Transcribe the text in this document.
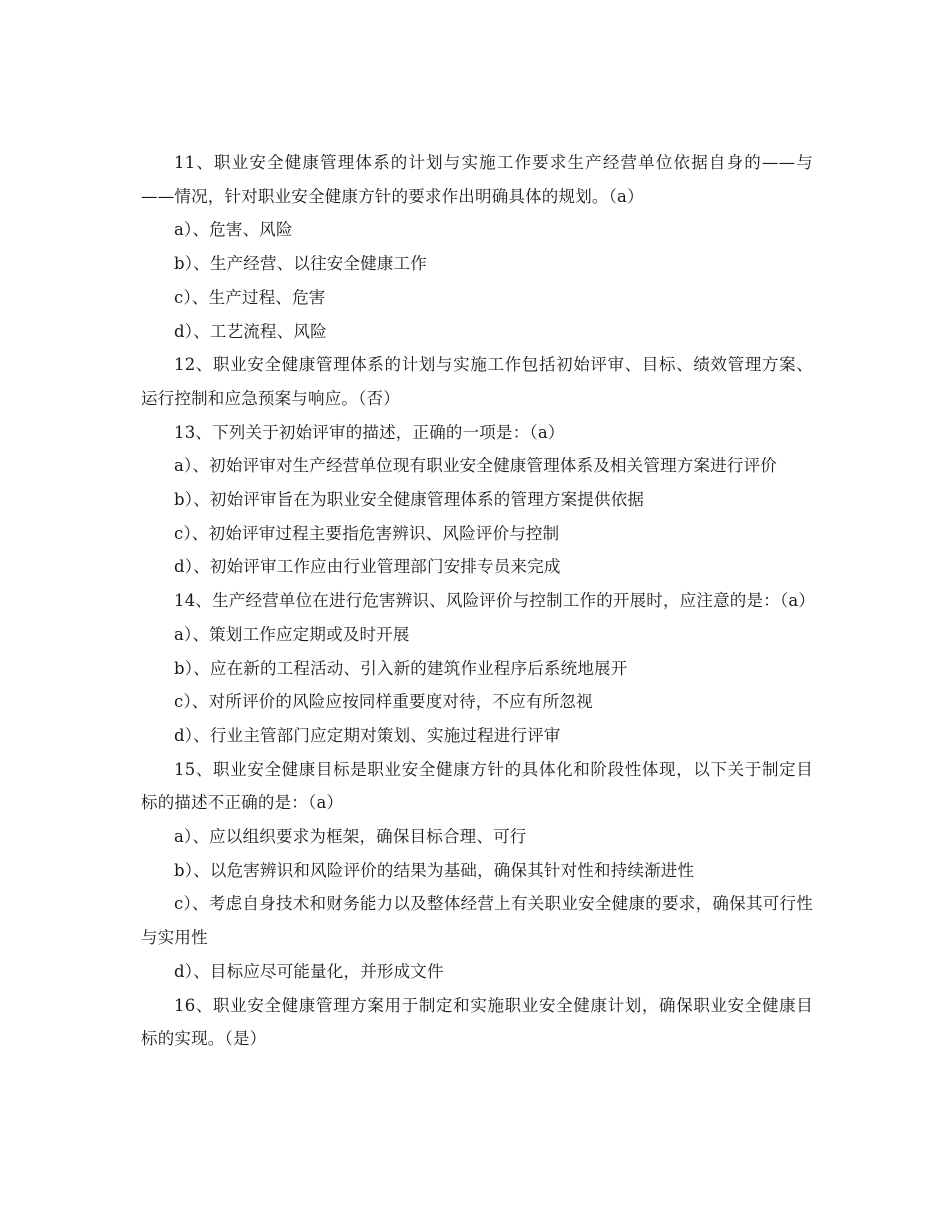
11、职业安全健康管理体系的计划与实施工作要求生产经营单位依据自身的——与——情况，针对职业安全健康方针的要求作出明确具体的规划。（a）

a）、危害、风险

b）、生产经营、以往安全健康工作

c）、生产过程、危害

d）、工艺流程、风险

12、职业安全健康管理体系的计划与实施工作包括初始评审、目标、绩效管理方案、运行控制和应急预案与响应。（否）

13、下列关于初始评审的描述，正确的一项是：（a）

a）、初始评审对生产经营单位现有职业安全健康管理体系及相关管理方案进行评价

b）、初始评审旨在为职业安全健康管理体系的管理方案提供依据

c）、初始评审过程主要指危害辨识、风险评价与控制

d）、初始评审工作应由行业管理部门安排专员来完成

14、生产经营单位在进行危害辨识、风险评价与控制工作的开展时，应注意的是：（a）

a）、策划工作应定期或及时开展

b）、应在新的工程活动、引入新的建筑作业程序后系统地展开

c）、对所评价的风险应按同样重要度对待，不应有所忽视

d）、行业主管部门应定期对策划、实施过程进行评审

15、职业安全健康目标是职业安全健康方针的具体化和阶段性体现，以下关于制定目标的描述不正确的是：（a）

a）、应以组织要求为框架，确保目标合理、可行

b）、以危害辨识和风险评价的结果为基础，确保其针对性和持续渐进性

c）、考虑自身技术和财务能力以及整体经营上有关职业安全健康的要求，确保其可行性与实用性

d）、目标应尽可能量化，并形成文件

16、职业安全健康管理方案用于制定和实施职业安全健康计划，确保职业安全健康目标的实现。（是）
